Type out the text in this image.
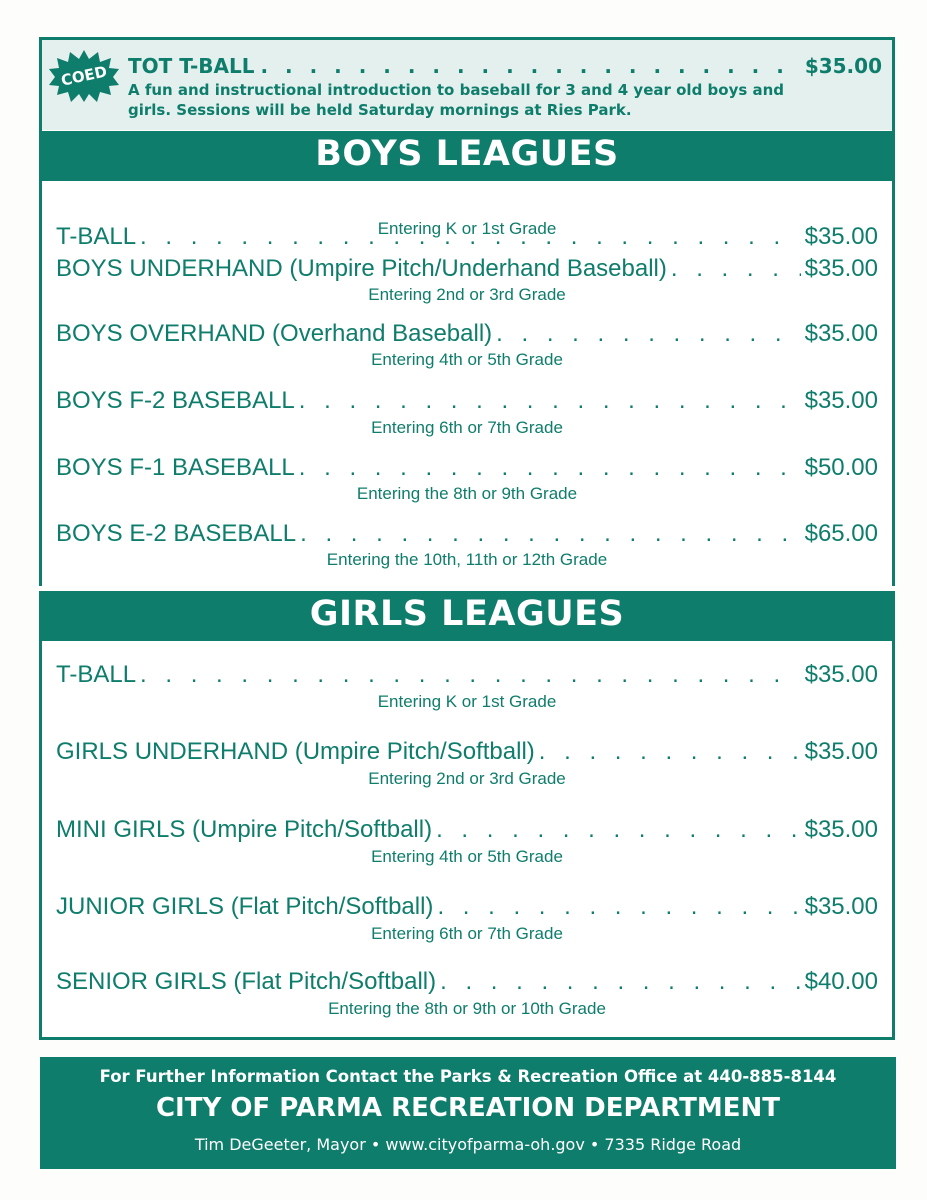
COED TOT T-BALL . . .	$35.00
A fun and instructional introduction to baseball for 3 and 4 year old boys and girls. Sessions will be held Saturday mornings at Ries Park.
BOYS LEAGUES
T-BALL . . .	$35.00
Entering K or 1st Grade
BOYS UNDERHAND (Umpire Pitch/Underhand Baseball) . . .	$35.00
Entering 2nd or 3rd Grade
BOYS OVERHAND (Overhand Baseball) . . .	$35.00
Entering 4th or 5th Grade
BOYS F-2 BASEBALL . . .	$35.00
Entering 6th or 7th Grade
BOYS F-1 BASEBALL . . .	$50.00
Entering the 8th or 9th Grade
BOYS E-2 BASEBALL . . .	$65.00
Entering the 10th, 11th or 12th Grade
GIRLS LEAGUES
T-BALL . . .	$35.00
Entering K or 1st Grade
GIRLS UNDERHAND (Umpire Pitch/Softball) . . .	$35.00
Entering 2nd or 3rd Grade
MINI GIRLS (Umpire Pitch/Softball) . . .	$35.00
Entering 4th or 5th Grade
JUNIOR GIRLS (Flat Pitch/Softball) . . .	$35.00
Entering 6th or 7th Grade
SENIOR GIRLS (Flat Pitch/Softball) . . .	$40.00
Entering the 8th or 9th or 10th Grade
For Further Information Contact the Parks & Recreation Office at 440-885-8144
CITY OF PARMA RECREATION DEPARTMENT
Tim DeGeeter, Mayor • www.cityofparma-oh.gov • 7335 Ridge Road
